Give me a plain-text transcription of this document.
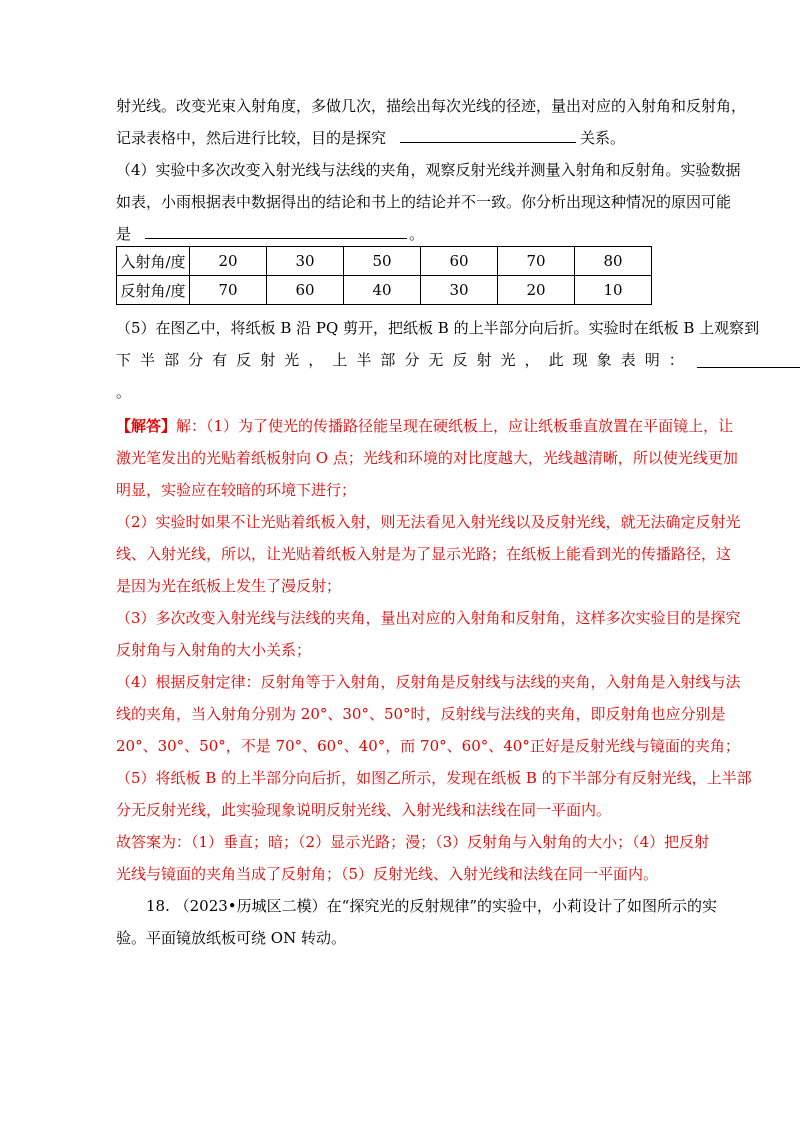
射光线。改变光束入射角度，多做几次，描绘出每次光线的径迹，量出对应的入射角和反射角，
记录表格中，然后进行比较，目的是探究	关系。
（4）实验中多次改变入射光线与法线的夹角，观察反射光线并测量入射角和反射角。实验数据
如表，小雨根据表中数据得出的结论和书上的结论并不一致。你分析出现这种情况的原因可能
是	。
入射角/度	20	30	50	60	70	80
反射角/度	70	60	40	30	20	10
（5）在图乙中，将纸板 B 沿 PQ 剪开，把纸板 B 的上半部分向后折。实验时在纸板 B 上观察到
下 半 部 分 有 反 射 光 ， 上 半 部 分 无 反 射 光 ， 此 现 象 表 明 ：
。
【解答】解：（1）为了使光的传播路径能呈现在硬纸板上，应让纸板垂直放置在平面镜上，让
激光笔发出的光贴着纸板射向 O 点；光线和环境的对比度越大，光线越清晰，所以使光线更加
明显，实验应在较暗的环境下进行；
（2）实验时如果不让光贴着纸板入射，则无法看见入射光线以及反射光线，就无法确定反射光
线、入射光线，所以，让光贴着纸板入射是为了显示光路；在纸板上能看到光的传播路径，这
是因为光在纸板上发生了漫反射；
（3）多次改变入射光线与法线的夹角，量出对应的入射角和反射角，这样多次实验目的是探究
反射角与入射角的大小关系；
（4）根据反射定律：反射角等于入射角，反射角是反射线与法线的夹角，入射角是入射线与法
线的夹角，当入射角分别为 20°、30°、50°时，反射线与法线的夹角，即反射角也应分别是
20°、30°、50°，不是 70°、60°、40°，而 70°、60°、40°正好是反射光线与镜面的夹角；
（5）将纸板 B 的上半部分向后折，如图乙所示，发现在纸板 B 的下半部分有反射光线，上半部
分无反射光线，此实验现象说明反射光线、入射光线和法线在同一平面内。
故答案为：（1）垂直；暗；（2）显示光路；漫；（3）反射角与入射角的大小；（4）把反射
光线与镜面的夹角当成了反射角；（5）反射光线、入射光线和法线在同一平面内。
18. （2023•历城区二模）在“探究光的反射规律”的实验中，小莉设计了如图所示的实
验。平面镜放纸板可绕 ON 转动。
